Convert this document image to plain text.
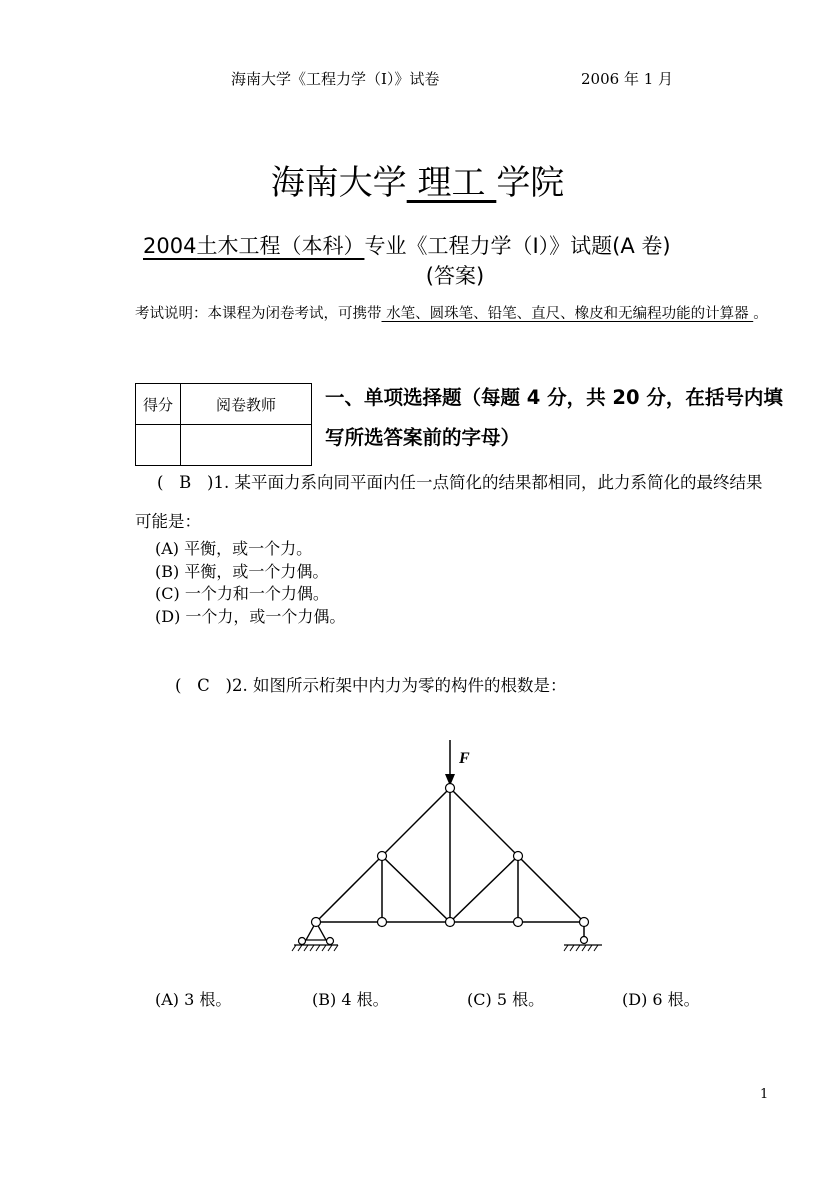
海南大学《工程力学（I）》试卷	2006 年 1 月
海南大学 理工 学院
2004土木工程（本科）专业《工程力学（I）》试题(A 卷)
(答案)
考试说明：本课程为闭卷考试，可携带 水笔、圆珠笔、铅笔、直尺、橡皮和无编程功能的计算器 。
得分	阅卷教师
		一、单项选择题（每题 4 分，共 20 分，在括号内填写所选答案前的字母）
(   B   )1. 某平面力系向同平面内任一点简化的结果都相同，此力系简化的最终结果可能是：
(A) 平衡，或一个力。
(B) 平衡，或一个力偶。
(C) 一个力和一个力偶。
(D) 一个力，或一个力偶。
(   C   )2. 如图所示桁架中内力为零的构件的根数是：
F
(A) 3 根。	(B) 4 根。	(C) 5 根。	(D) 6 根。
1
